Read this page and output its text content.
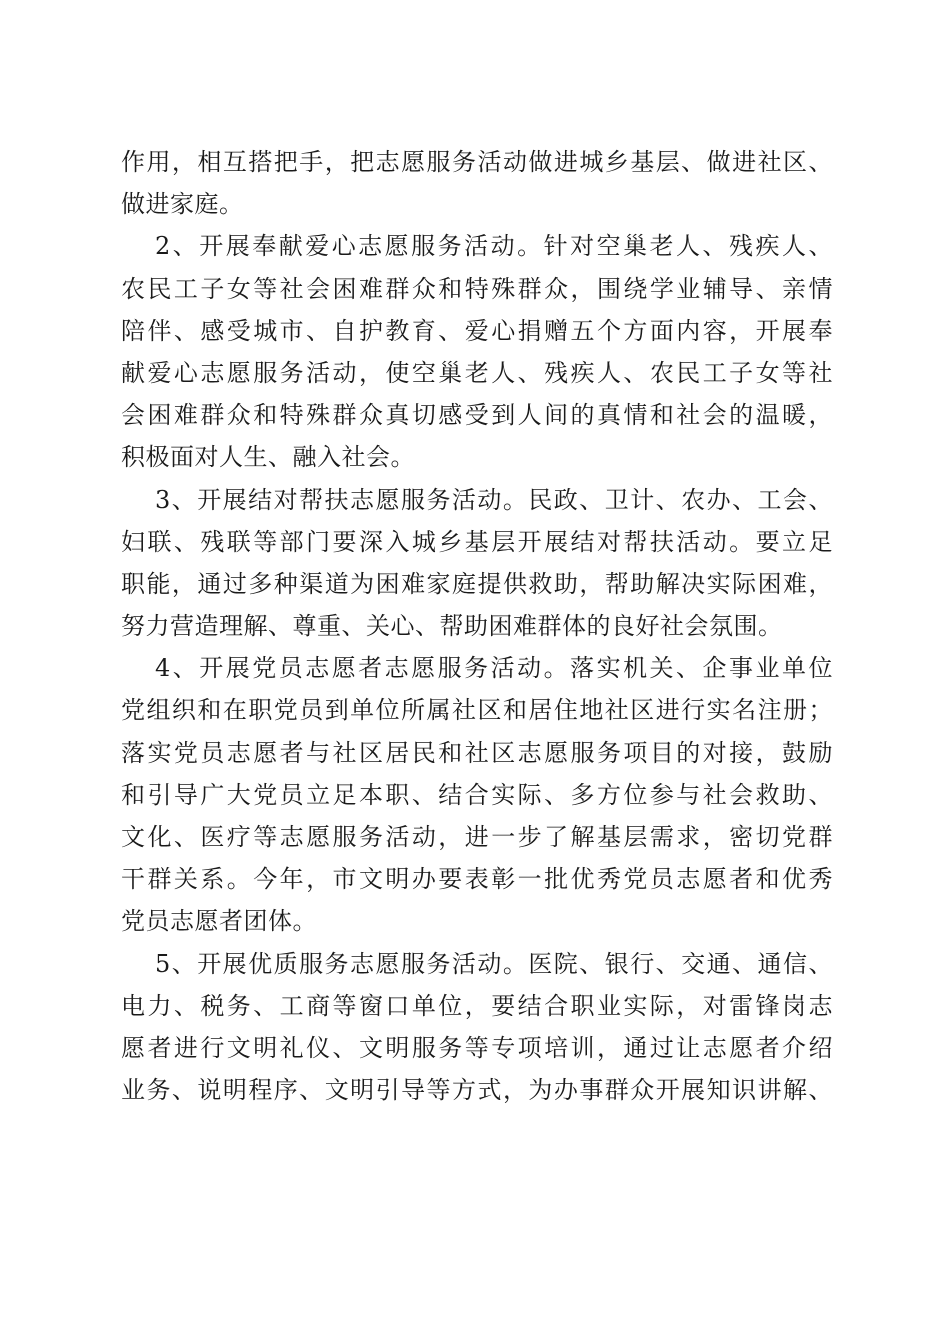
作用，相互搭把手，把志愿服务活动做进城乡基层、做进社区、
做进家庭。
2、开展奉献爱心志愿服务活动。针对空巢老人、残疾人、
农民工子女等社会困难群众和特殊群众，围绕学业辅导、亲情
陪伴、感受城市、自护教育、爱心捐赠五个方面内容，开展奉
献爱心志愿服务活动，使空巢老人、残疾人、农民工子女等社
会困难群众和特殊群众真切感受到人间的真情和社会的温暖，
积极面对人生、融入社会。
3、开展结对帮扶志愿服务活动。民政、卫计、农办、工会、
妇联、残联等部门要深入城乡基层开展结对帮扶活动。要立足
职能，通过多种渠道为困难家庭提供救助，帮助解决实际困难，
努力营造理解、尊重、关心、帮助困难群体的良好社会氛围。
4、开展党员志愿者志愿服务活动。落实机关、企事业单位
党组织和在职党员到单位所属社区和居住地社区进行实名注册；
落实党员志愿者与社区居民和社区志愿服务项目的对接，鼓励
和引导广大党员立足本职、结合实际、多方位参与社会救助、
文化、医疗等志愿服务活动，进一步了解基层需求，密切党群
干群关系。今年，市文明办要表彰一批优秀党员志愿者和优秀
党员志愿者团体。
5、开展优质服务志愿服务活动。医院、银行、交通、通信、
电力、税务、工商等窗口单位，要结合职业实际，对雷锋岗志
愿者进行文明礼仪、文明服务等专项培训，通过让志愿者介绍
业务、说明程序、文明引导等方式，为办事群众开展知识讲解、
